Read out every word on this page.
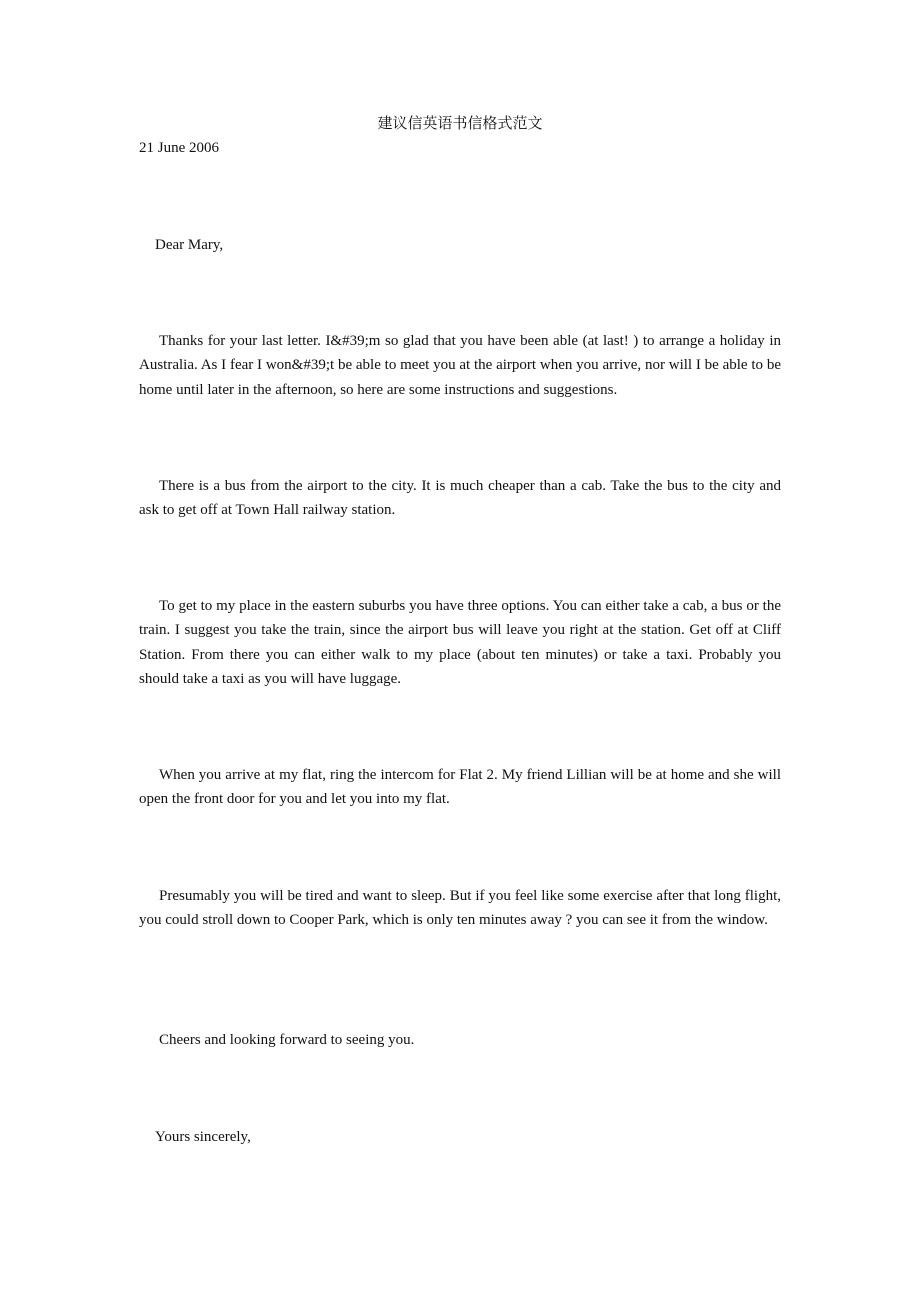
建议信英语书信格式范文
21 June 2006
Dear Mary,

Thanks for your last letter. I&#39;m so glad that you have been able (at last! ) to arrange a holiday in Australia. As I fear I won&#39;t be able to meet you at the airport when you arrive, nor will I be able to be home until later in the afternoon, so here are some instructions and suggestions.

There is a bus from the airport to the city. It is much cheaper than a cab. Take the bus to the city and ask to get off at Town Hall railway station.

To get to my place in the eastern suburbs you have three options. You can either take a cab, a bus or the train. I suggest you take the train, since the airport bus will leave you right at the station. Get off at Cliff Station. From there you can either walk to my place (about ten minutes) or take a taxi. Probably you should take a taxi as you will have luggage.

When you arrive at my flat, ring the intercom for Flat 2. My friend Lillian will be at home and she will open the front door for you and let you into my flat.

Presumably you will be tired and want to sleep. But if you feel like some exercise after that long flight, you could stroll down to Cooper Park, which is only ten minutes away ? you can see it from the window.

Cheers and looking forward to seeing you.

Yours sincerely,
